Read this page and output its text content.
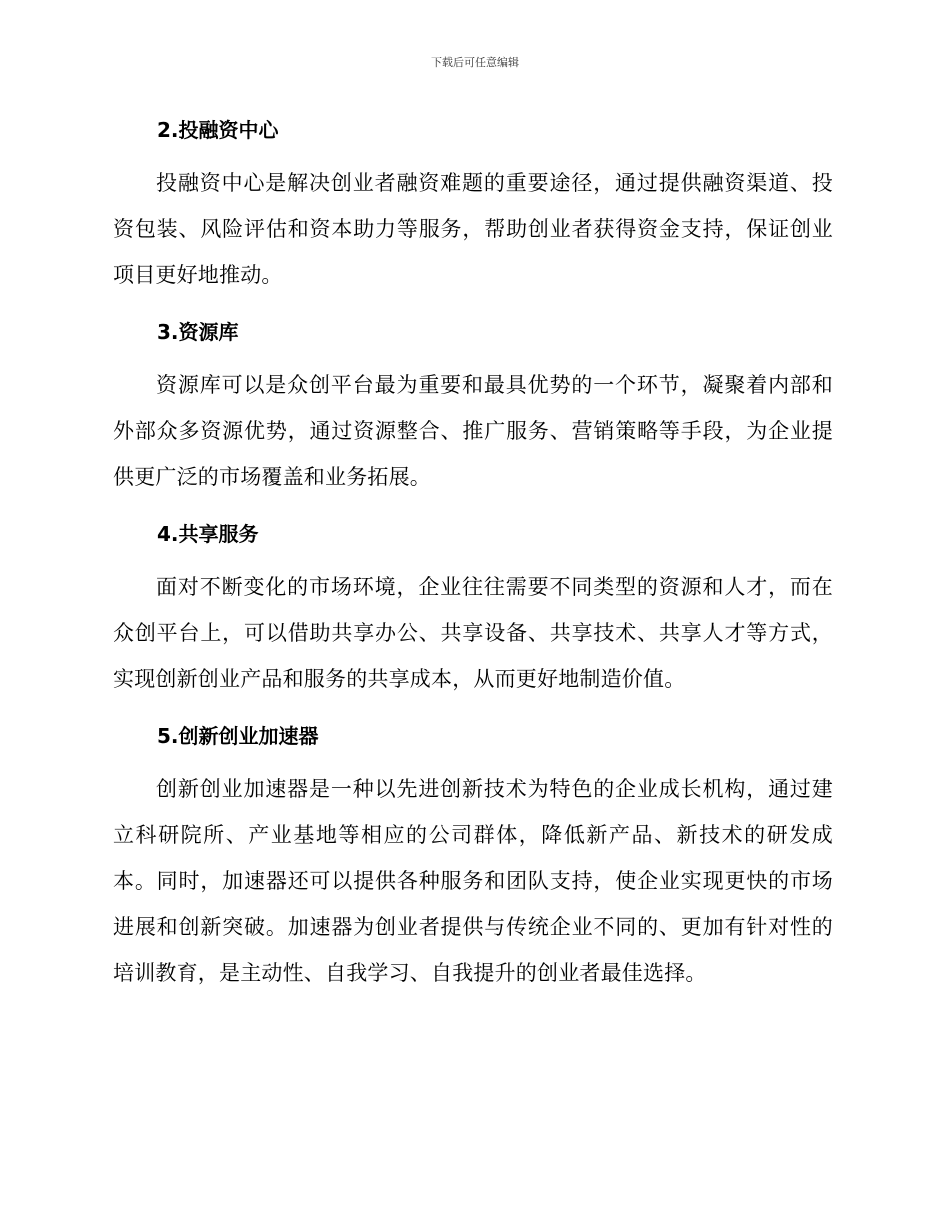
下载后可任意编辑
2.投融资中心

投融资中心是解决创业者融资难题的重要途径，通过提供融资渠道、投资包装、风险评估和资本助力等服务，帮助创业者获得资金支持，保证创业项目更好地推动。

3.资源库

资源库可以是众创平台最为重要和最具优势的一个环节，凝聚着内部和外部众多资源优势，通过资源整合、推广服务、营销策略等手段，为企业提供更广泛的市场覆盖和业务拓展。

4.共享服务

面对不断变化的市场环境，企业往往需要不同类型的资源和人才，而在众创平台上，可以借助共享办公、共享设备、共享技术、共享人才等方式，实现创新创业产品和服务的共享成本，从而更好地制造价值。

5.创新创业加速器

创新创业加速器是一种以先进创新技术为特色的企业成长机构，通过建立科研院所、产业基地等相应的公司群体，降低新产品、新技术的研发成本。同时，加速器还可以提供各种服务和团队支持，使企业实现更快的市场进展和创新突破。加速器为创业者提供与传统企业不同的、更加有针对性的培训教育，是主动性、自我学习、自我提升的创业者最佳选择。
